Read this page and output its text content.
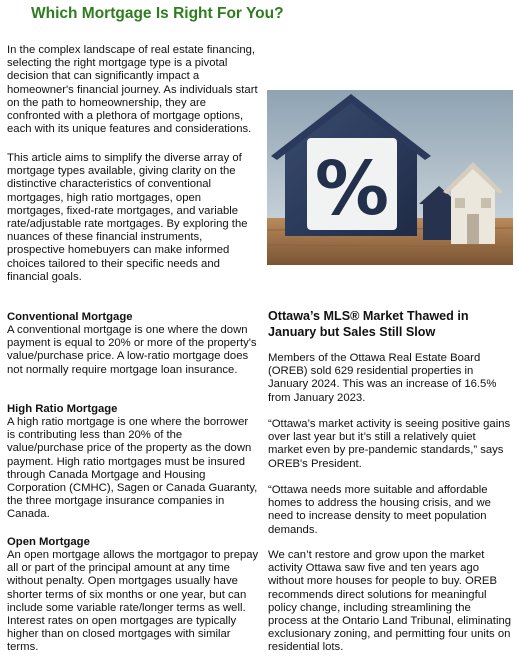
Which Mortgage Is Right For You?

In the complex landscape of real estate financing, selecting the right mortgage type is a pivotal decision that can significantly impact a homeowner's financial journey. As individuals start on the path to homeownership, they are confronted with a plethora of mortgage options, each with its unique features and considerations.

This article aims to simplify the diverse array of mortgage types available, giving clarity on the distinctive characteristics of conventional mortgages, high ratio mortgages, open mortgages, fixed-rate mortgages, and variable rate/adjustable rate mortgages. By exploring the nuances of these financial instruments, prospective homebuyers can make informed choices tailored to their specific needs and financial goals.

%
Conventional Mortgage

A conventional mortgage is one where the down payment is equal to 20% or more of the property's value/purchase price. A low-ratio mortgage does not normally require mortgage loan insurance.

High Ratio Mortgage

A high ratio mortgage is one where the borrower is contributing less than 20% of the value/purchase price of the property as the down payment. High ratio mortgages must be insured through Canada Mortgage and Housing Corporation (CMHC), Sagen or Canada Guaranty, the three mortgage insurance companies in Canada.

Open Mortgage

An open mortgage allows the mortgagor to prepay all or part of the principal amount at any time without penalty. Open mortgages usually have shorter terms of six months or one year, but can include some variable rate/longer terms as well. Interest rates on open mortgages are typically higher than on closed mortgages with similar terms.

Ottawa’s MLS® Market Thawed in January but Sales Still Slow

Members of the Ottawa Real Estate Board (OREB) sold 629 residential properties in January 2024. This was an increase of 16.5% from January 2023.

“Ottawa’s market activity is seeing positive gains over last year but it’s still a relatively quiet market even by pre-pandemic standards,” says OREB's President.

“Ottawa needs more suitable and affordable homes to address the housing crisis, and we need to increase density to meet population demands.

We can’t restore and grow upon the market activity Ottawa saw five and ten years ago without more houses for people to buy. OREB recommends direct solutions for meaningful policy change, including streamlining the process at the Ontario Land Tribunal, eliminating exclusionary zoning, and permitting four units on residential lots.
